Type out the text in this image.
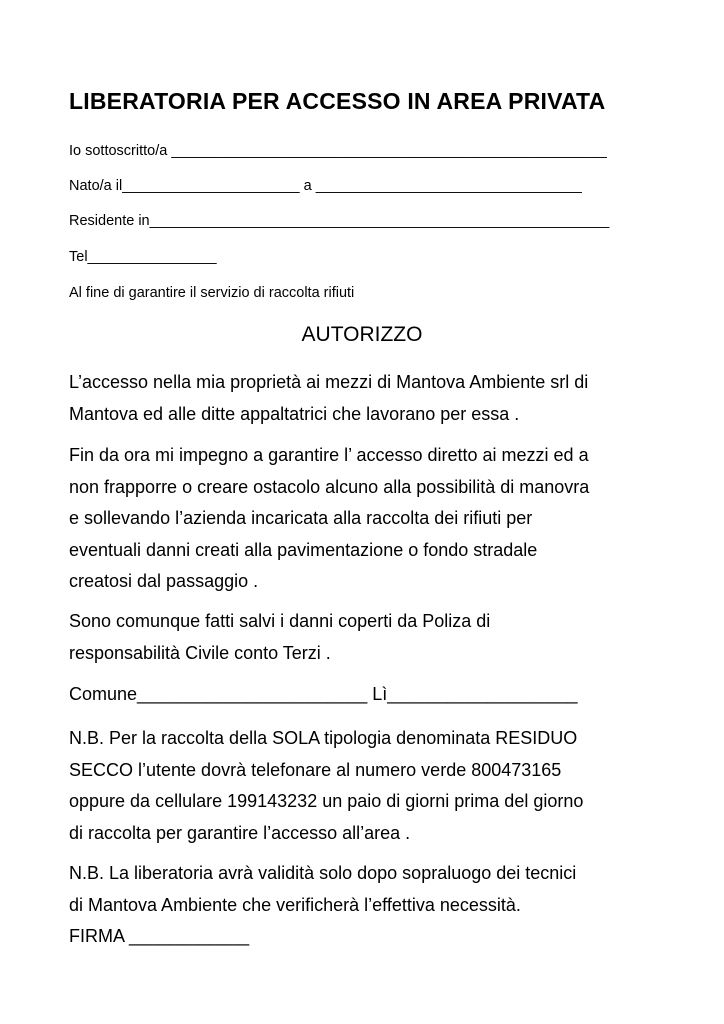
LIBERATORIA PER ACCESSO IN AREA PRIVATA
Io sottoscritto/a ______________________________________________________
Nato/a il______________________ a _________________________________
Residente in_________________________________________________________
Tel________________
Al fine di garantire il servizio di raccolta rifiuti
AUTORIZZO
L’accesso nella mia proprietà ai mezzi di Mantova Ambiente srl di
Mantova ed alle ditte appaltatrici che lavorano per essa .
Fin da ora mi impegno a garantire l’ accesso diretto ai mezzi ed a
non frapporre o creare ostacolo alcuno alla possibilità di manovra
e sollevando l’azienda incaricata alla raccolta dei rifiuti per
eventuali danni creati alla pavimentazione o fondo stradale
creatosi dal passaggio .
Sono comunque fatti salvi i danni coperti da Poliza di
responsabilità Civile conto Terzi .
Comune_______________________ Lì___________________
N.B. Per la raccolta della SOLA tipologia denominata RESIDUO
SECCO l’utente dovrà telefonare al numero verde 800473165
oppure da cellulare 199143232 un paio di giorni prima del giorno
di raccolta per garantire l’accesso all’area .
N.B. La liberatoria avrà validità solo dopo sopraluogo dei tecnici
di Mantova Ambiente che verificherà l’effettiva necessità.
FIRMA ____________
